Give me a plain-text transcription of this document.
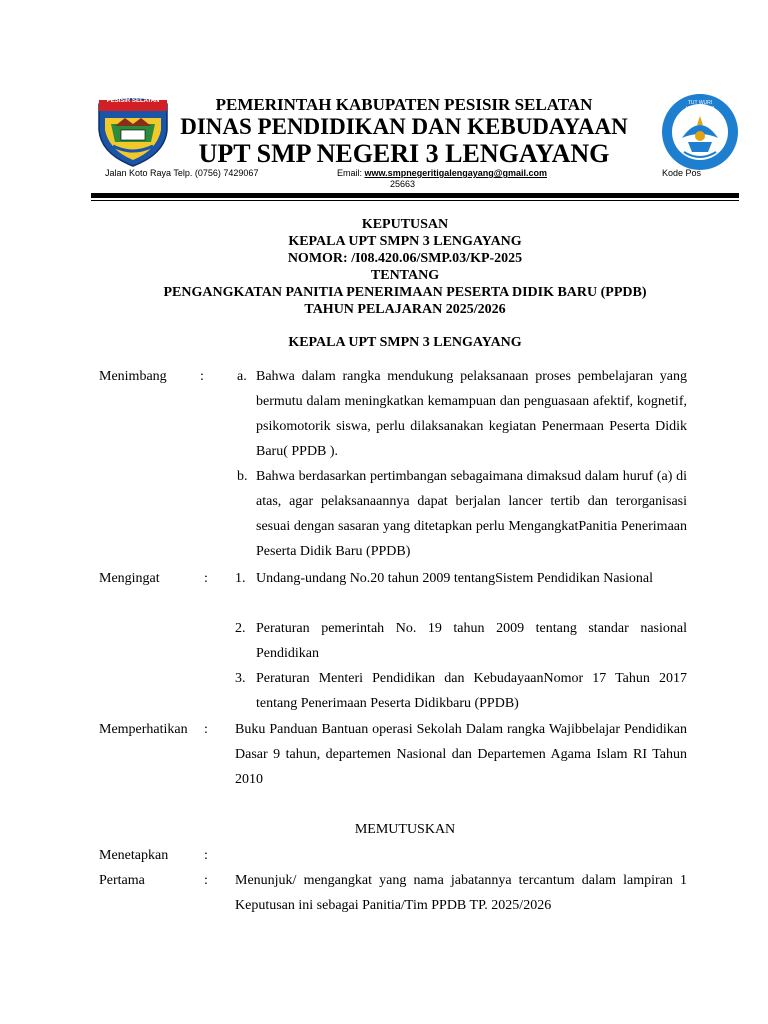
PESISIR SELATAN	TUT WURI HANDAYANI
PEMERINTAH KABUPATEN PESISIR SELATAN
DINAS PENDIDIKAN DAN KEBUDAYAAN
UPT SMP NEGERI 3 LENGAYANG
Jalan Koto Raya Telp. (0756) 7429067	Email: www.smpnegeritigalengayang@gmail.com	Kode Pos
25663
KEPUTUSAN
KEPALA UPT SMPN 3 LENGAYANG
NOMOR: /I08.420.06/SMP.03/KP-2025
TENTANG
PENGANGKATAN PANITIA PENERIMAAN PESERTA DIDIK BARU (PPDB)
TAHUN PELAJARAN 2025/2026
KEPALA UPT SMPN 3 LENGAYANG
Menimbang : a. Bahwa dalam rangka mendukung pelaksanaan proses pembelajaran yang bermutu dalam meningkatkan kemampuan dan penguasaan afektif, kognetif, psikomotorik siswa, perlu dilaksanakan kegiatan Penermaan Peserta Didik Baru( PPDB ).
b. Bahwa berdasarkan pertimbangan sebagaimana dimaksud dalam huruf (a) di atas, agar pelaksanaannya dapat berjalan lancer tertib dan terorganisasi sesuai dengan sasaran yang ditetapkan perlu MengangkatPanitia Penerimaan Peserta Didik Baru (PPDB)
Mengingat	: 1. Undang-undang No.20 tahun 2009 tentangSistem Pendidikan Nasional
2. Peraturan pemerintah No. 19 tahun 2009 tentang standar nasional Pendidikan
3. Peraturan Menteri Pendidikan dan KebudayaanNomor 17 Tahun 2017 tentang Penerimaan Peserta Didikbaru (PPDB)
Memperhatikan : Buku Panduan Bantuan operasi Sekolah Dalam rangka Wajibbelajar Pendidikan Dasar 9 tahun, departemen Nasional dan Departemen Agama Islam RI Tahun 2010
MEMUTUSKAN
Menetapkan	:
Pertama	: Menunjuk/ mengangkat yang nama jabatannya tercantum dalam lampiran 1 Keputusan ini sebagai Panitia/Tim PPDB TP. 2025/2026
